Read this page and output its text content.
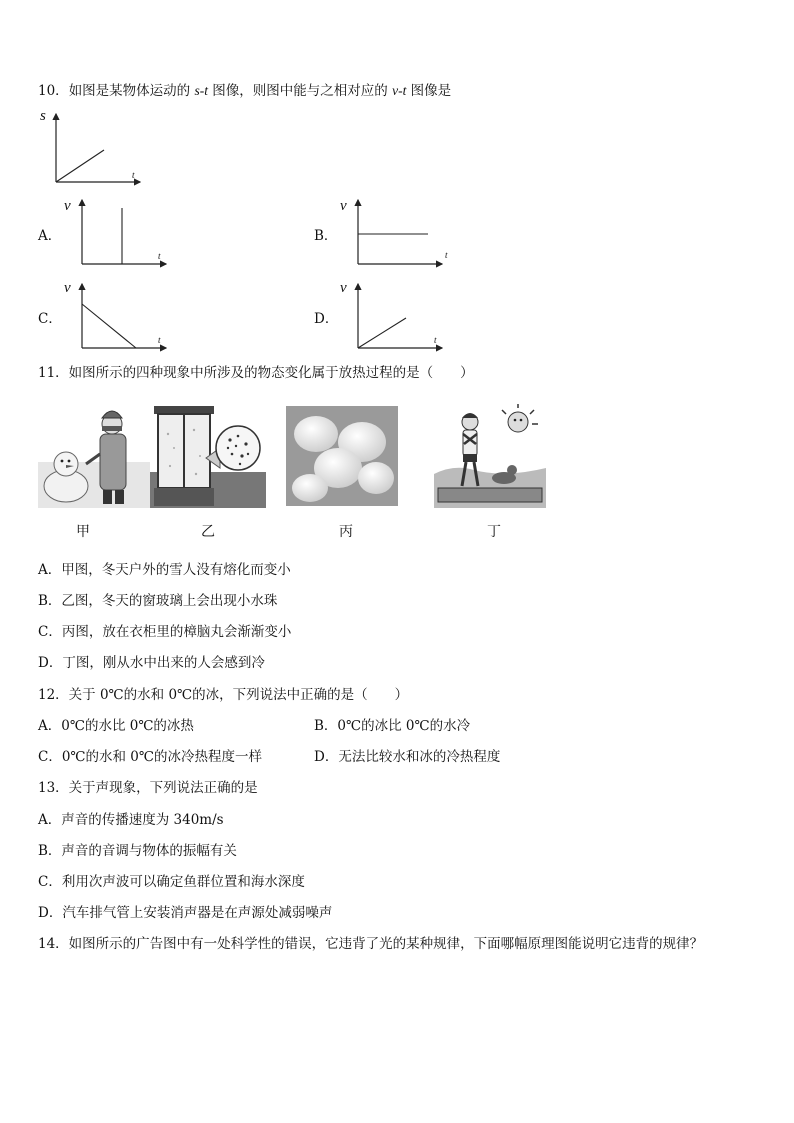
10．如图是某物体运动的 s-t 图像，则图中能与之相对应的 v-t 图像是
s
t
A．
v
t
B．
v
t
C．
v
t
D．
v
t
11．如图所示的四种现象中所涉及的物态变化属于放热过程的是（　　）
甲	乙	丙	丁
A．甲图，冬天户外的雪人没有熔化而变小
B．乙图，冬天的窗玻璃上会出现小水珠
C．丙图，放在衣柜里的樟脑丸会渐渐变小
D．丁图，刚从水中出来的人会感到冷
12．关于 0℃的水和 0℃的冰，下列说法中正确的是（　　）
A．0℃的水比 0℃的冰热	B．0℃的冰比 0℃的水冷
C．0℃的水和 0℃的冰冷热程度一样	D．无法比较水和冰的冷热程度
13．关于声现象，下列说法正确的是
A．声音的传播速度为 340m/s
B．声音的音调与物体的振幅有关
C．利用次声波可以确定鱼群位置和海水深度
D．汽车排气管上安装消声器是在声源处减弱噪声
14．如图所示的广告图中有一处科学性的错误，它违背了光的某种规律，下面哪幅原理图能说明它违背的规律？
